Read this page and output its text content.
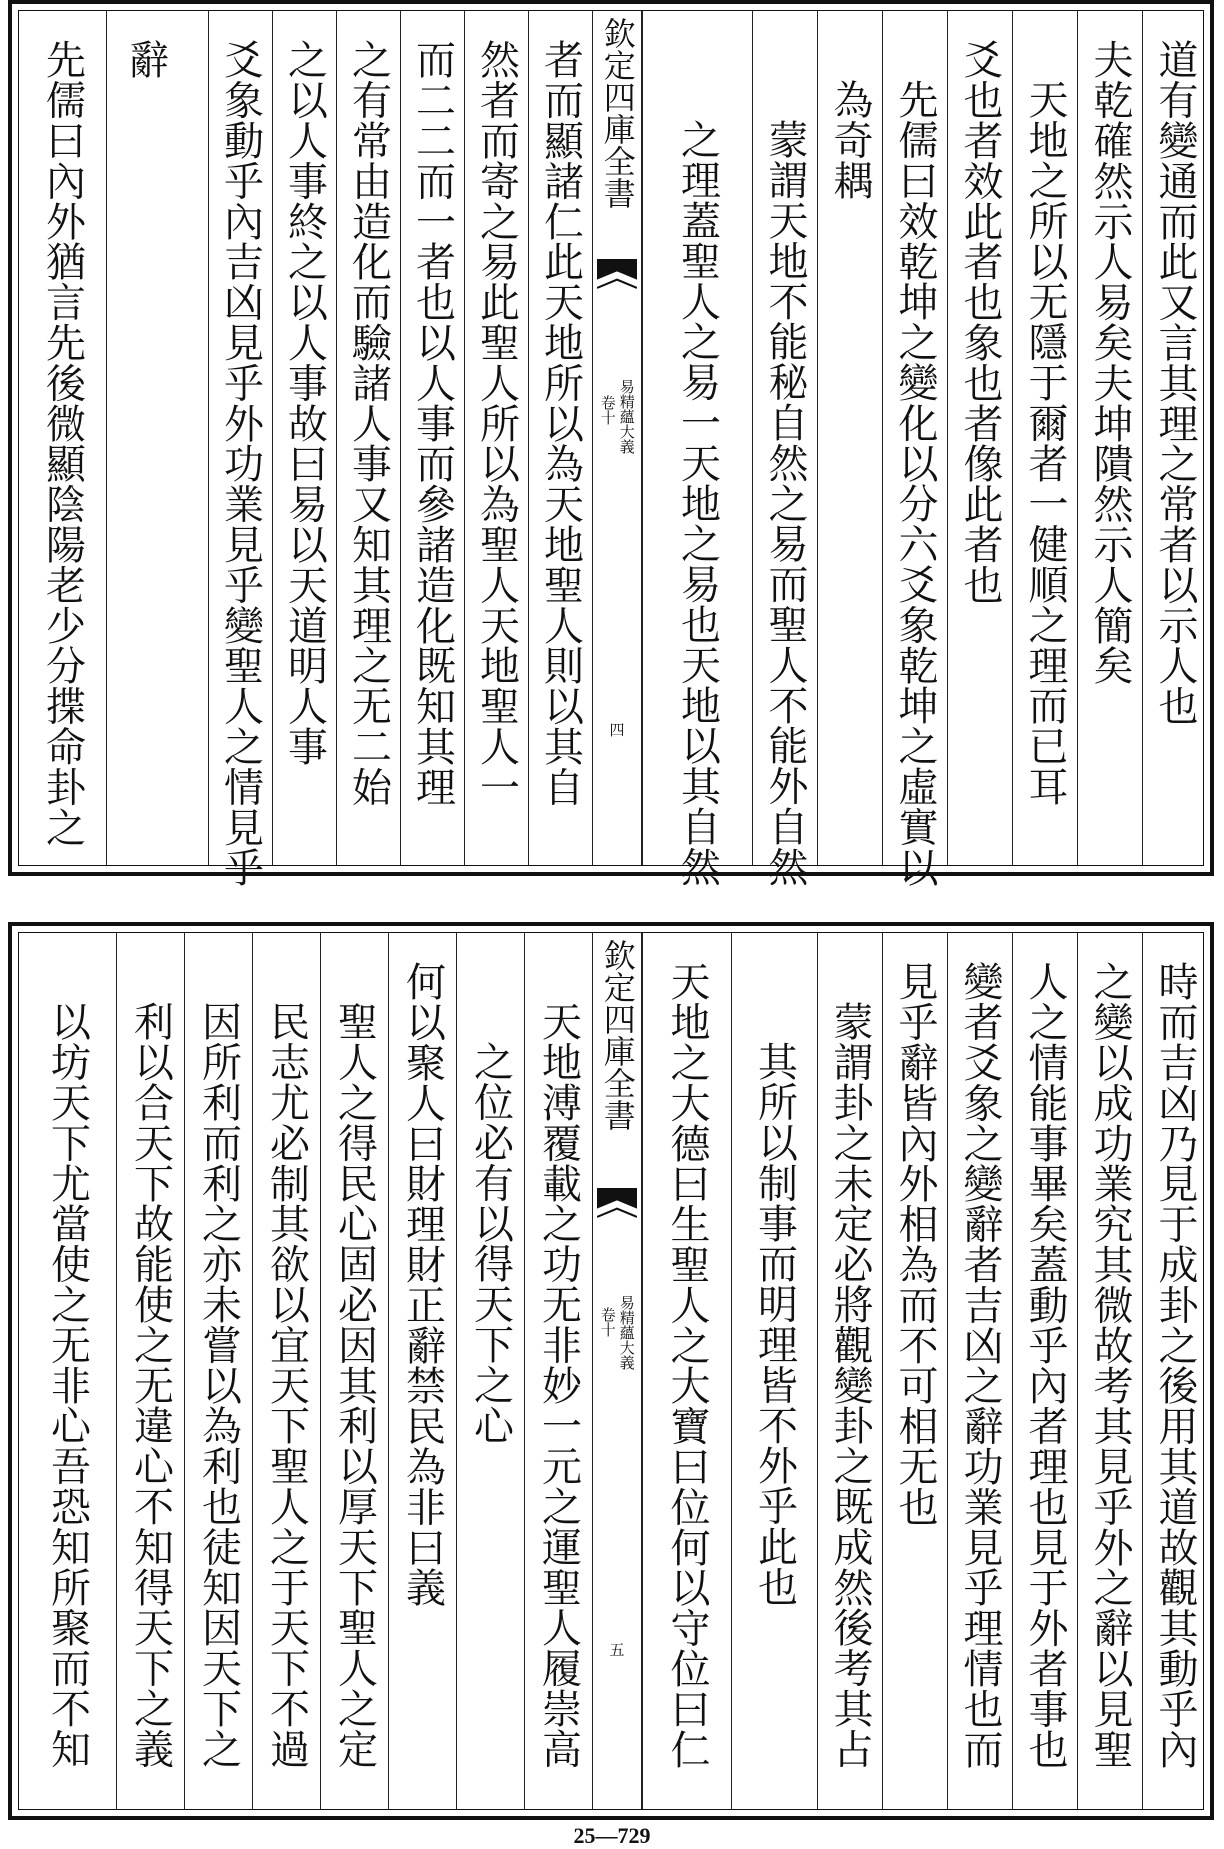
者而顯諸仁此天地所以為天地聖人則以其自
然者而寄之易此聖人所以為聖人天地聖人一
而二二而一者也以人事而參諸造化既知其理
之有常由造化而驗諸人事又知其理之无二始
之以人事終之以人事故曰易以天道明人事
爻象動乎內吉凶見乎外功業見乎變聖人之情見乎
辭
先儒曰內外猶言先後微顯陰陽老少分揲命卦之	欽定四庫全書
易精蘊大義
卷十
四
道有變通而此又言其理之常者以示人也
夫乾確然示人易矣夫坤隤然示人簡矣
天地之所以无隱于爾者一健順之理而已耳
爻也者效此者也象也者像此者也
先儒曰效乾坤之變化以分六爻象乾坤之虛實以
為奇耦
蒙謂天地不能秘自然之易而聖人不能外自然
之理蓋聖人之易一天地之易也天地以其自然
天地溥覆載之功无非妙一元之運聖人履崇高
之位必有以得天下之心
何以聚人曰財理財正辭禁民為非曰義
聖人之得民心固必因其利以厚天下聖人之定
民志尤必制其欲以宜天下聖人之于天下不過
因所利而利之亦未嘗以為利也徒知因天下之
利以合天下故能使之无違心不知得天下之義
以坊天下尤當使之无非心吾恐知所聚而不知	欽定四庫全書
易精蘊大義
卷十
五	時而吉凶乃見于成卦之後用其道故觀其動乎內
之變以成功業究其微故考其見乎外之辭以見聖
人之情能事畢矣蓋動乎內者理也見于外者事也
變者爻象之變辭者吉凶之辭功業見乎理情也而
見乎辭皆內外相為而不可相无也
蒙謂卦之未定必將觀變卦之既成然後考其占
其所以制事而明理皆不外乎此也
天地之大德曰生聖人之大寶曰位何以守位曰仁
25—729
